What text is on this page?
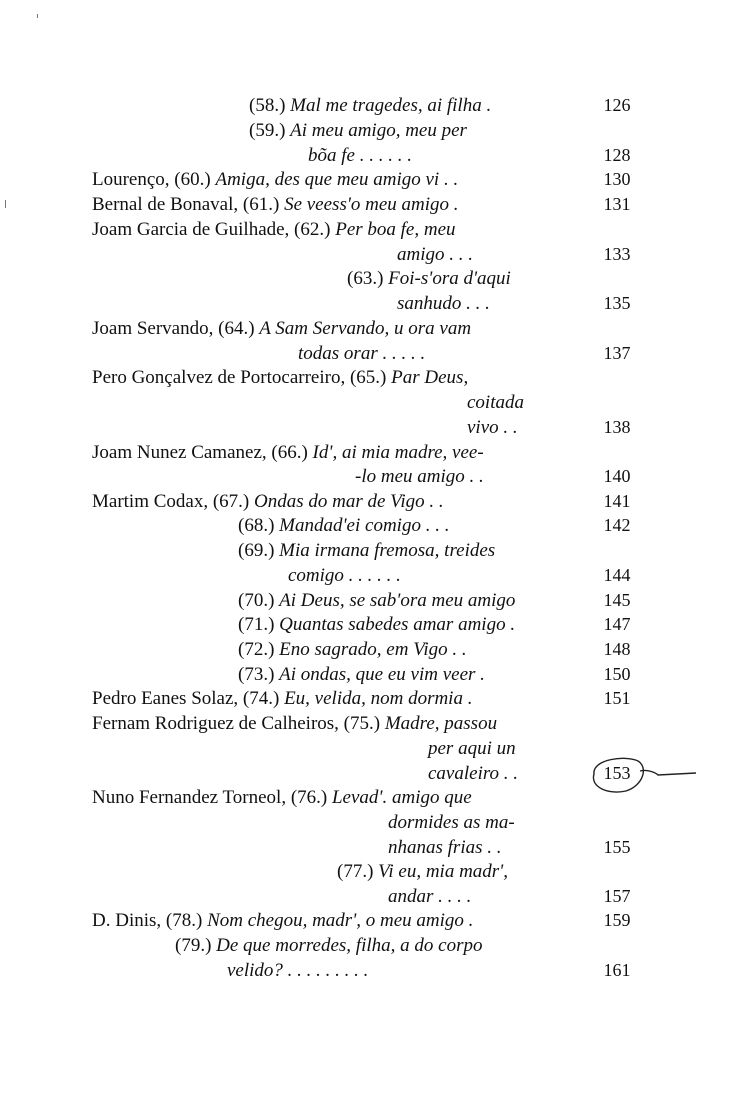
(58.) Mal me tragedes, ai filha .	126
(59.) Ai meu amigo, meu per
bõa fe . . . . . .	128
Lourenço, (60.) Amiga, des que meu amigo vi . .	130
Bernal de Bonaval, (61.) Se veess'o meu amigo .	131
Joam Garcia de Guilhade, (62.) Per boa fe, meu
amigo . . .	133
(63.) Foi-s'ora d'aqui
sanhudo . . .	135
Joam Servando, (64.) A Sam Servando, u ora vam
todas orar . . . . .	137
Pero Gonçalvez de Portocarreiro, (65.) Par Deus,
coitada
vivo . .	138
Joam Nunez Camanez, (66.) Id', ai mia madre, vee-
-lo meu amigo . .	140
Martim Codax, (67.) Ondas do mar de Vigo . .	141
(68.) Mandad'ei comigo . . .	142
(69.) Mia irmana fremosa, treides
comigo . . . . . .	144
(70.) Ai Deus, se sab'ora meu amigo	145
(71.) Quantas sabedes amar amigo .	147
(72.) Eno sagrado, em Vigo . .	148
(73.) Ai ondas, que eu vim veer .	150
Pedro Eanes Solaz, (74.) Eu, velida, nom dormia .	151
Fernam Rodriguez de Calheiros, (75.) Madre, passou
per aqui un
cavaleiro . .	153
Nuno Fernandez Torneol, (76.) Levad'. amigo que
dormides as ma-
nhanas frias . .	155
(77.) Vi eu, mia madr',
andar . . . .	157
D. Dinis, (78.) Nom chegou, madr', o meu amigo .	159
(79.) De que morredes, filha, a do corpo
velido? . . . . . . . . .	161
